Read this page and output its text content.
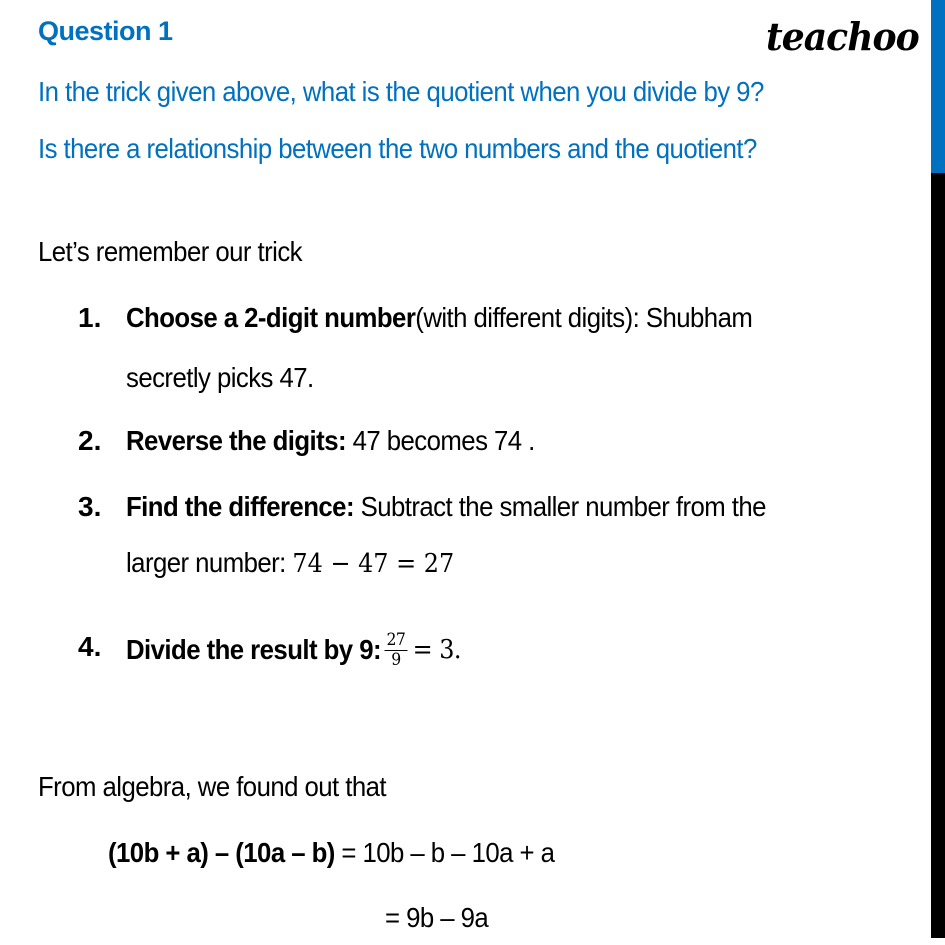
Question 1	teachoo
In the trick given above, what is the quotient when you divide by 9?
Is there a relationship between the two numbers and the quotient?
Let’s remember our trick
1. Choose a 2-digit number(with different digits): Shubham
secretly picks 47.
2. Reverse the digits: 47 becomes 74 .
3. Find the difference: Subtract the smaller number from the
larger number: 74 − 47 = 27
4. Divide the result by 9: $\frac{27}{9} = 3$.
From algebra, we found out that
(10b + a) – (10a – b) = 10b – b – 10a + a
= 9b – 9a
